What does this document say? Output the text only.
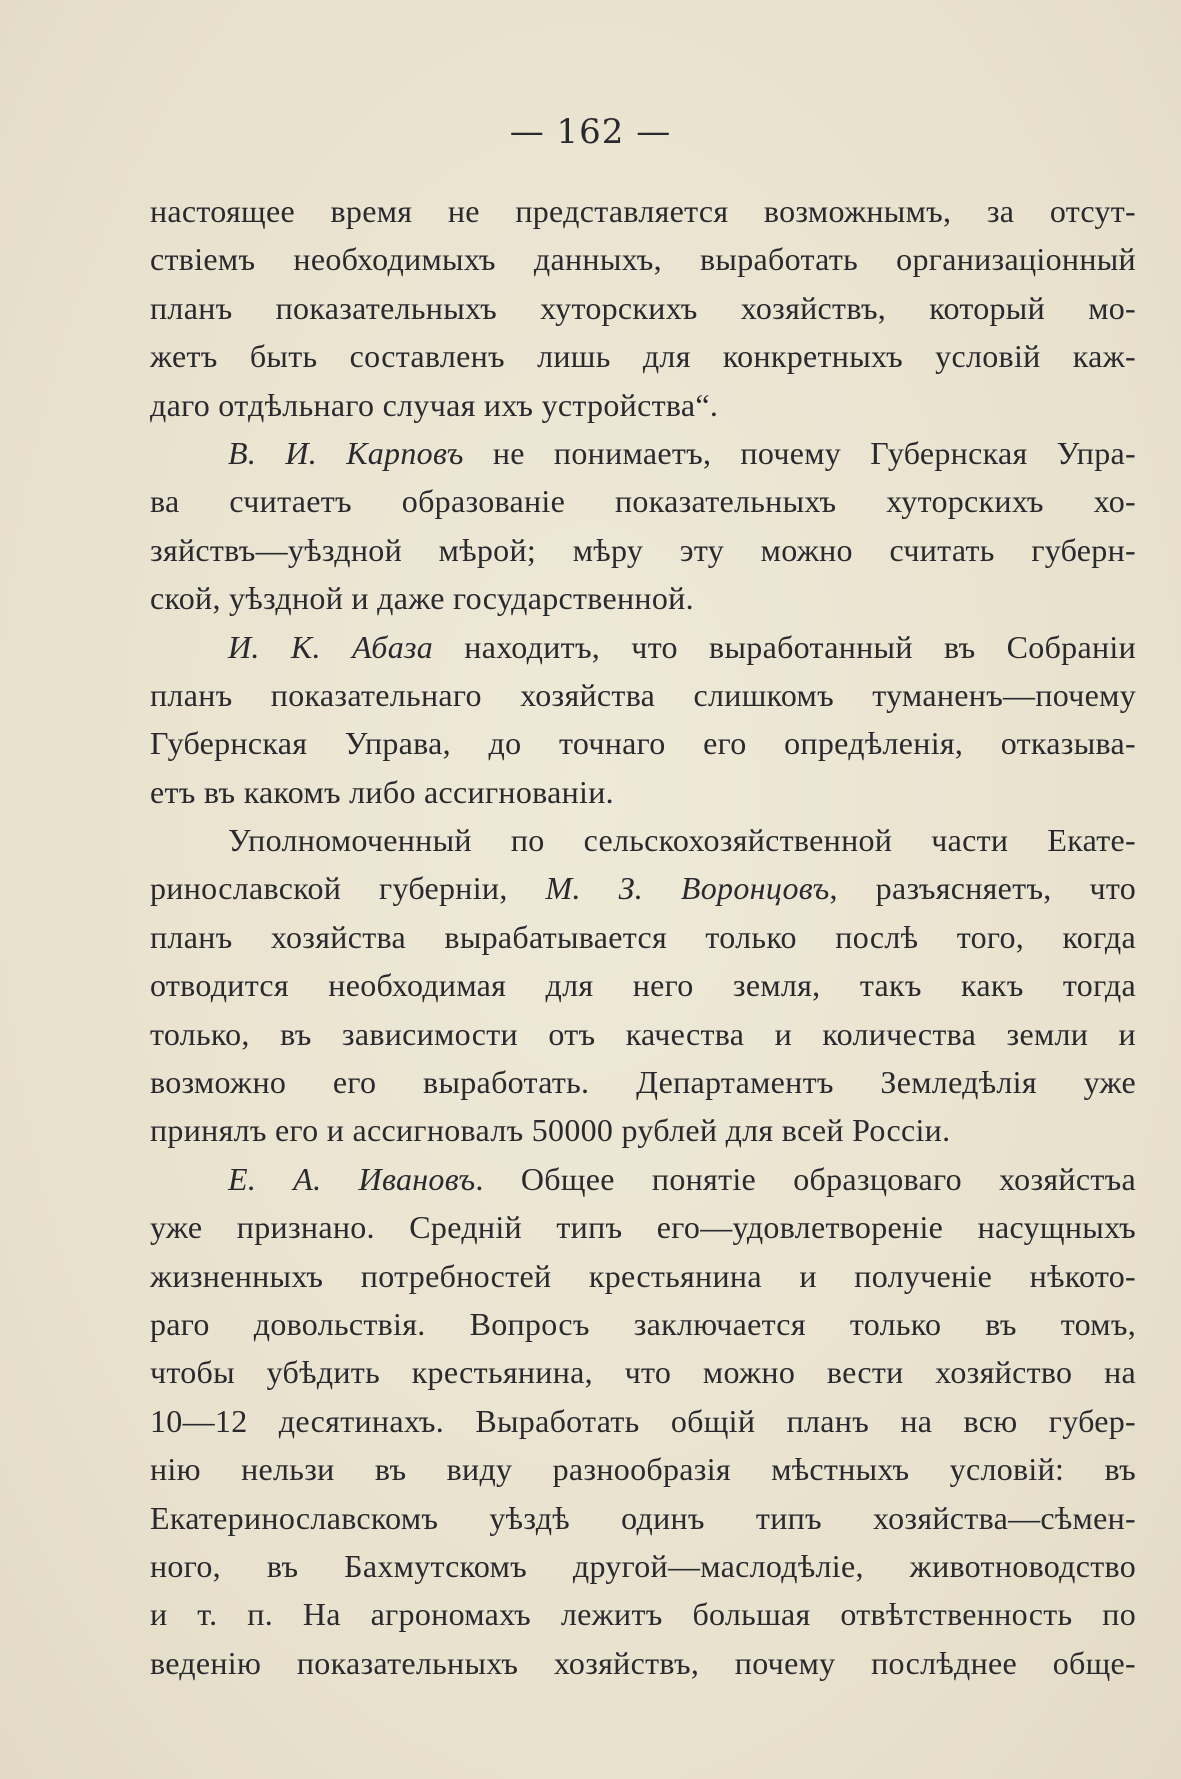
— 162 —
настоящее время не представляется возможнымъ, за отсут-
ствіемъ необходимыхъ данныхъ, выработать организаціонный
планъ показательныхъ хуторскихъ хозяйствъ, который мо-
жетъ быть составленъ лишь для конкретныхъ условій каж-
даго отдѣльнаго случая ихъ устройства“.
В. И. Карповъ не понимаетъ, почему Губернская Упра-
ва считаетъ образованіе показательныхъ хуторскихъ хо-
зяйствъ—уѣздной мѣрой; мѣру эту можно считать губерн-
ской, уѣздной и даже государственной.
И. К. Абаза находитъ, что выработанный въ Собраніи
планъ показательнаго хозяйства слишкомъ туманенъ—почему
Губернская Управа, до точнаго его опредѣленія, отказыва-
етъ въ какомъ либо ассигнованіи.
Уполномоченный по сельскохозяйственной части Екате-
ринославской губерніи, М. З. Воронцовъ, разъясняетъ, что
планъ хозяйства вырабатывается только послѣ того, когда
отводится необходимая для него земля, такъ какъ тогда
только, въ зависимости отъ качества и количества земли и
возможно его выработать. Департаментъ Земледѣлія уже
принялъ его и ассигновалъ 50000 рублей для всей Россіи.
Е. А. Ивановъ. Общее понятіе образцоваго хозяйстъа
уже признано. Среднiй типъ его—удовлетвореніе насущныхъ
жизненныхъ потребностей крестьянина и полученіе нѣкото-
раго довольствія. Вопросъ заключается только въ томъ,
чтобы убѣдить крестьянина, что можно вести хозяйство на
10—12 десятинахъ. Выработать общій планъ на всю губер-
нію нельзи въ виду разнообразія мѣстныхъ условій: въ
Екатеринославскомъ уѣздѣ одинъ типъ хозяйства—сѣмен-
ного, въ Бахмутскомъ другой—маслодѣліе, животноводство
и т. п. На агрономахъ лежитъ большая отвѣтственность по
веденію показательныхъ хозяйствъ, почему послѣднее обще-
